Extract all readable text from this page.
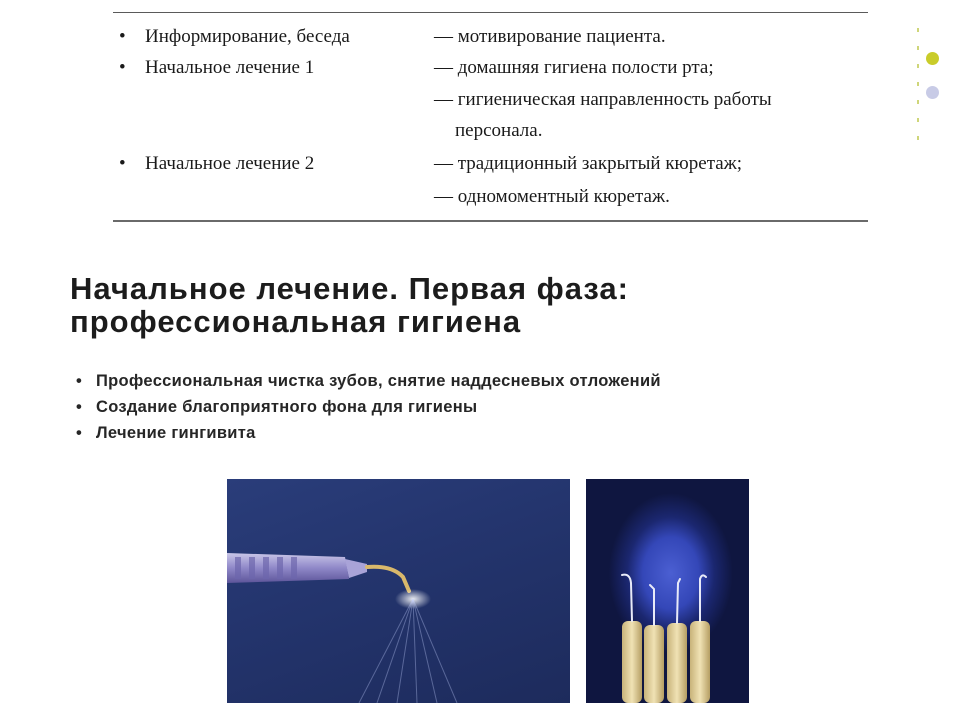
• Информирование, беседа	— мотивирование пациента.
• Начальное лечение 1	— домашняя гигиена полости рта;
— гигиеническая направленность работы
персонала.
• Начальное лечение 2	— традиционный закрытый кюретаж;
— одномоментный кюретаж.
Начальное лечение. Первая фаза:
профессиональная гигиена
• Профессиональная чистка зубов, снятие наддесневых отложений
• Создание благоприятного фона для гигиены
• Лечение гингивита
